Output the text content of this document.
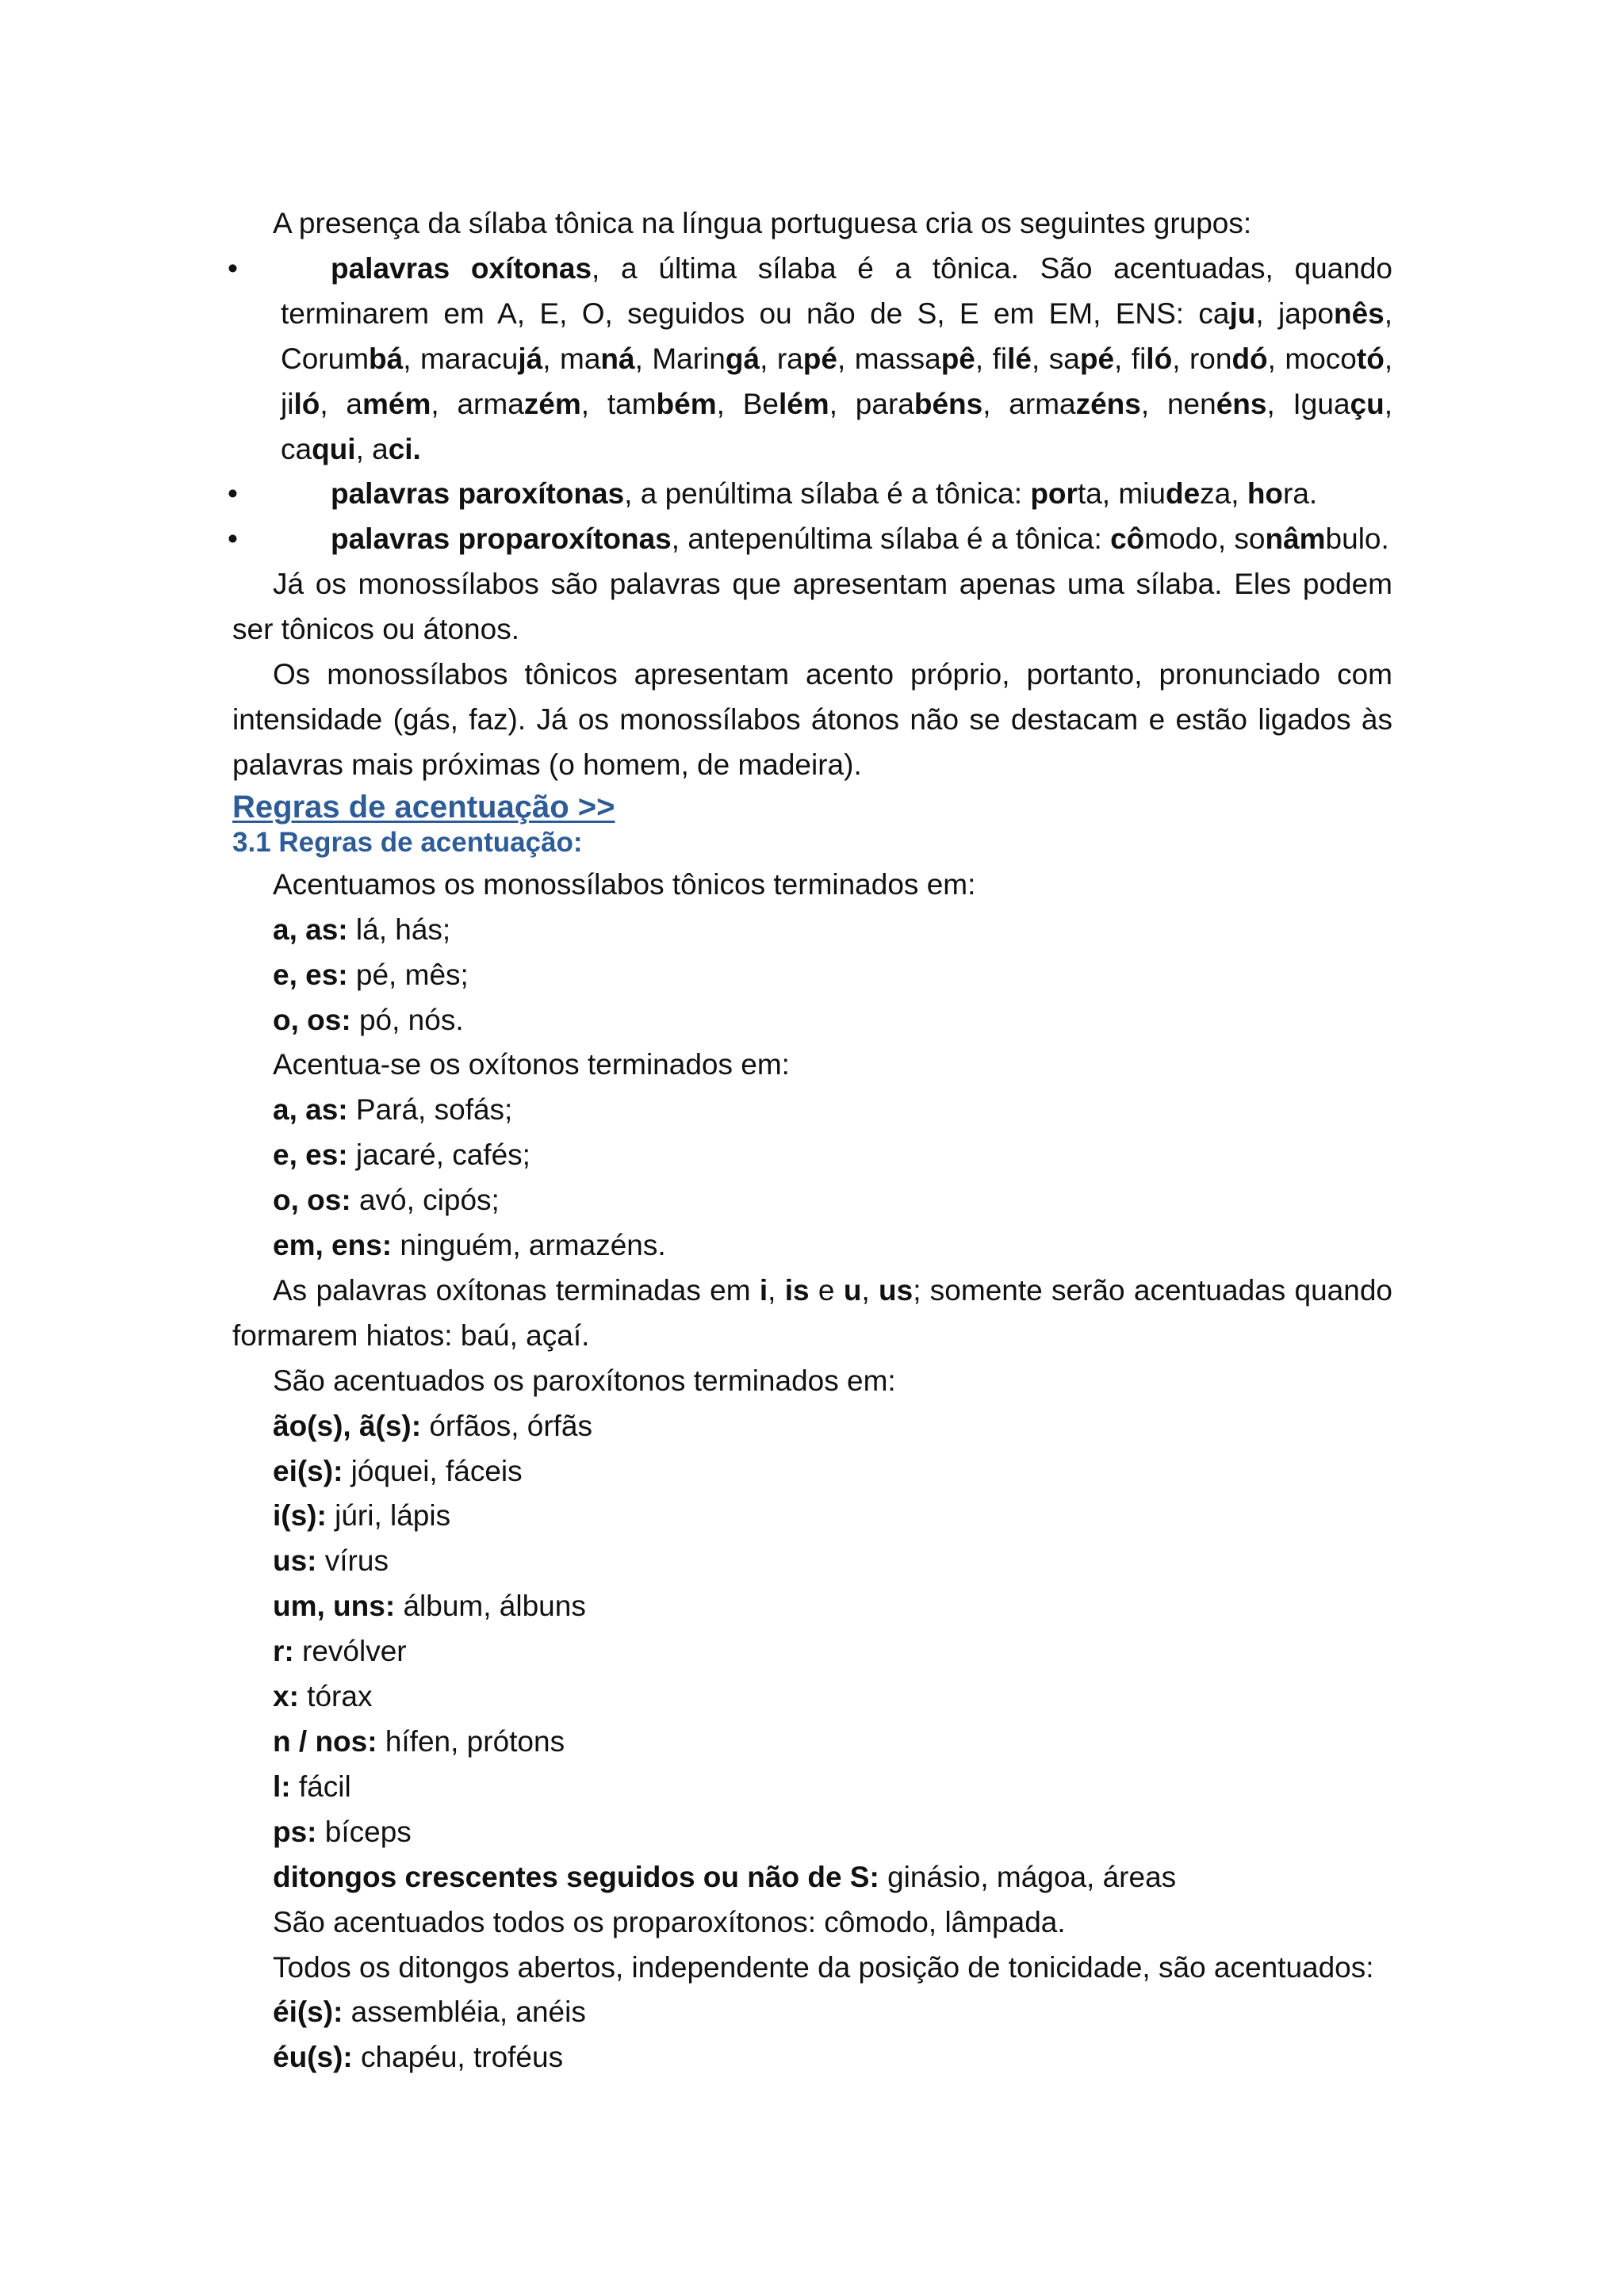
A presença da sílaba tônica na língua portuguesa cria os seguintes grupos:

•	palavras oxítonas, a última sílaba é a tônica. São acentuadas, quando terminarem em A, E, O, seguidos ou não de S, E em EM, ENS: caju, japonês, Corumbá, maracujá, maná, Maringá, rapé, massapê, filé, sapé, filó, rondó, mocotó, jiló, amém, armazém, também, Belém, parabéns, armazéns, nenéns, Iguaçu, caqui, aci.
•	palavras paroxítonas, a penúltima sílaba é a tônica: porta, miudeza, hora.
•	palavras proparoxítonas, antepenúltima sílaba é a tônica: cômodo, sonâmbulo.

Já os monossílabos são palavras que apresentam apenas uma sílaba. Eles podem ser tônicos ou átonos.

Os monossílabos tônicos apresentam acento próprio, portanto, pronunciado com intensidade (gás, faz). Já os monossílabos átonos não se destacam e estão ligados às palavras mais próximas (o homem, de madeira).

Regras de acentuação >>
3.1 Regras de acentuação:

Acentuamos os monossílabos tônicos terminados em:

a, as: lá, hás;

e, es: pé, mês;

o, os: pó, nós.

Acentua-se os oxítonos terminados em:

a, as: Pará, sofás;

e, es: jacaré, cafés;

o, os: avó, cipós;

em, ens: ninguém, armazéns.

As palavras oxítonas terminadas em i, is e u, us; somente serão acentuadas quando formarem hiatos: baú, açaí.

São acentuados os paroxítonos terminados em:

ão(s), ã(s): órfãos, órfãs

ei(s): jóquei, fáceis

i(s): júri, lápis

us: vírus

um, uns: álbum, álbuns

r: revólver

x: tórax

n / nos: hífen, prótons

l: fácil

ps: bíceps

ditongos crescentes seguidos ou não de S: ginásio, mágoa, áreas

São acentuados todos os proparoxítonos: cômodo, lâmpada.

Todos os ditongos abertos, independente da posição de tonicidade, são acentuados:

éi(s): assembléia, anéis

éu(s): chapéu, troféus
